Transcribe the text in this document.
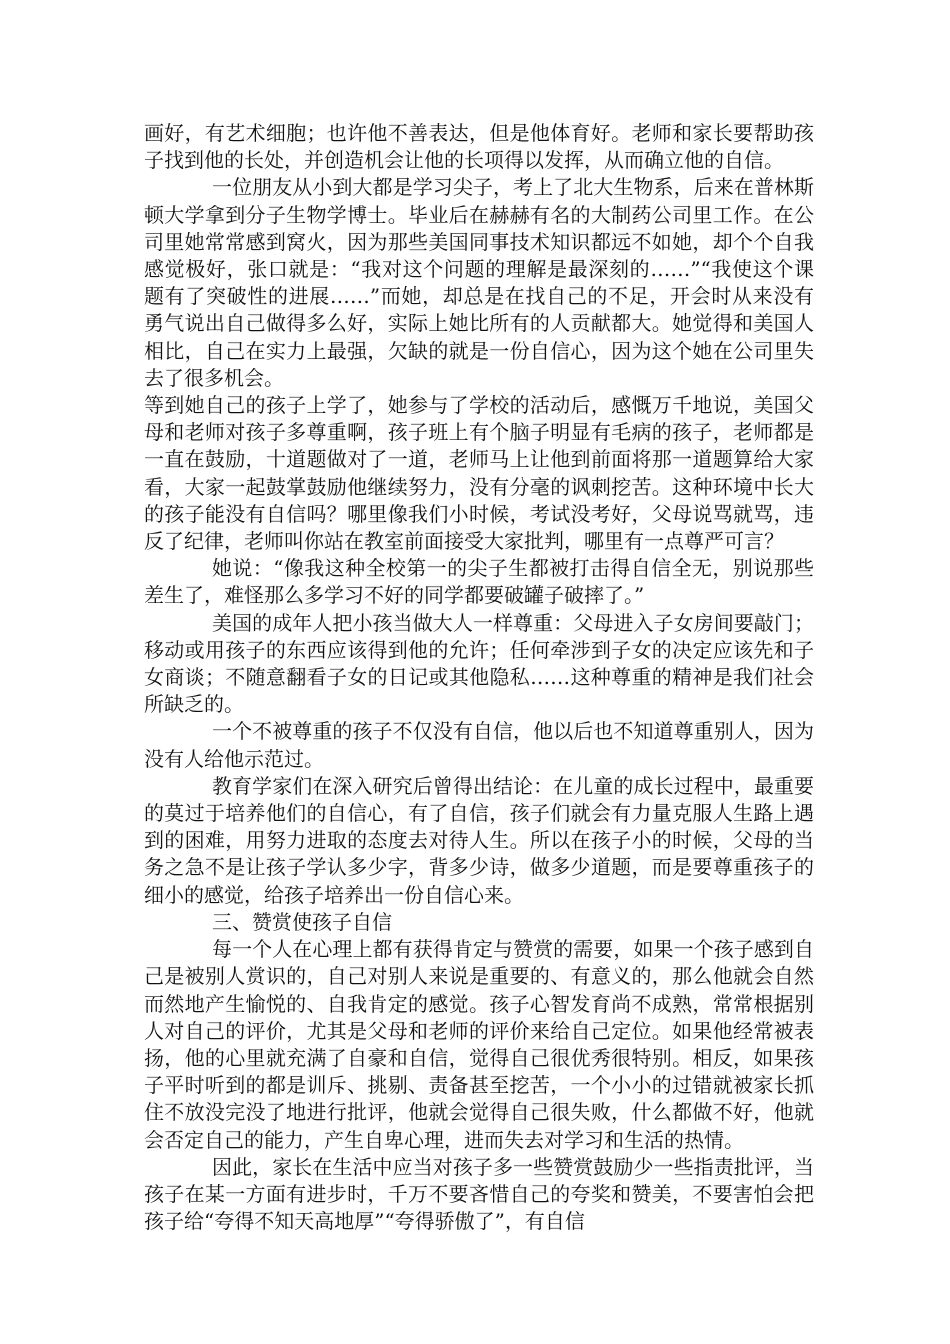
画好，有艺术细胞；也许他不善表达，但是他体育好。老师和家长要帮助孩子找到他的长处，并创造机会让他的长项得以发挥，从而确立他的自信。

一位朋友从小到大都是学习尖子，考上了北大生物系，后来在普林斯顿大学拿到分子生物学博士。毕业后在赫赫有名的大制药公司里工作。在公司里她常常感到窝火，因为那些美国同事技术知识都远不如她，却个个自我感觉极好，张口就是：“我对这个问题的理解是最深刻的……”“我使这个课题有了突破性的进展……”而她，却总是在找自己的不足，开会时从来没有勇气说出自己做得多么好，实际上她比所有的人贡献都大。她觉得和美国人相比，自己在实力上最强，欠缺的就是一份自信心，因为这个她在公司里失去了很多机会。

等到她自己的孩子上学了，她参与了学校的活动后，感慨万千地说，美国父母和老师对孩子多尊重啊，孩子班上有个脑子明显有毛病的孩子，老师都是一直在鼓励，十道题做对了一道，老师马上让他到前面将那一道题算给大家看，大家一起鼓掌鼓励他继续努力，没有分毫的讽刺挖苦。这种环境中长大的孩子能没有自信吗？哪里像我们小时候，考试没考好，父母说骂就骂，违反了纪律，老师叫你站在教室前面接受大家批判，哪里有一点尊严可言？

她说：“像我这种全校第一的尖子生都被打击得自信全无，别说那些差生了，难怪那么多学习不好的同学都要破罐子破摔了。”

美国的成年人把小孩当做大人一样尊重：父母进入子女房间要敲门；移动或用孩子的东西应该得到他的允许；任何牵涉到子女的决定应该先和子女商谈；不随意翻看子女的日记或其他隐私……这种尊重的精神是我们社会所缺乏的。

一个不被尊重的孩子不仅没有自信，他以后也不知道尊重别人，因为没有人给他示范过。

教育学家们在深入研究后曾得出结论：在儿童的成长过程中，最重要的莫过于培养他们的自信心，有了自信，孩子们就会有力量克服人生路上遇到的困难，用努力进取的态度去对待人生。所以在孩子小的时候，父母的当务之急不是让孩子学认多少字，背多少诗，做多少道题，而是要尊重孩子的细小的感觉，给孩子培养出一份自信心来。

三、赞赏使孩子自信

每一个人在心理上都有获得肯定与赞赏的需要，如果一个孩子感到自己是被别人赏识的，自己对别人来说是重要的、有意义的，那么他就会自然而然地产生愉悦的、自我肯定的感觉。孩子心智发育尚不成熟，常常根据别人对自己的评价，尤其是父母和老师的评价来给自己定位。如果他经常被表扬，他的心里就充满了自豪和自信，觉得自己很优秀很特别。相反，如果孩子平时听到的都是训斥、挑剔、责备甚至挖苦，一个小小的过错就被家长抓住不放没完没了地进行批评，他就会觉得自己很失败，什么都做不好，他就会否定自己的能力，产生自卑心理，进而失去对学习和生活的热情。

因此，家长在生活中应当对孩子多一些赞赏鼓励少一些指责批评，当孩子在某一方面有进步时，千万不要吝惜自己的夸奖和赞美，不要害怕会把孩子给“夸得不知天高地厚”“夸得骄傲了”，有自信
